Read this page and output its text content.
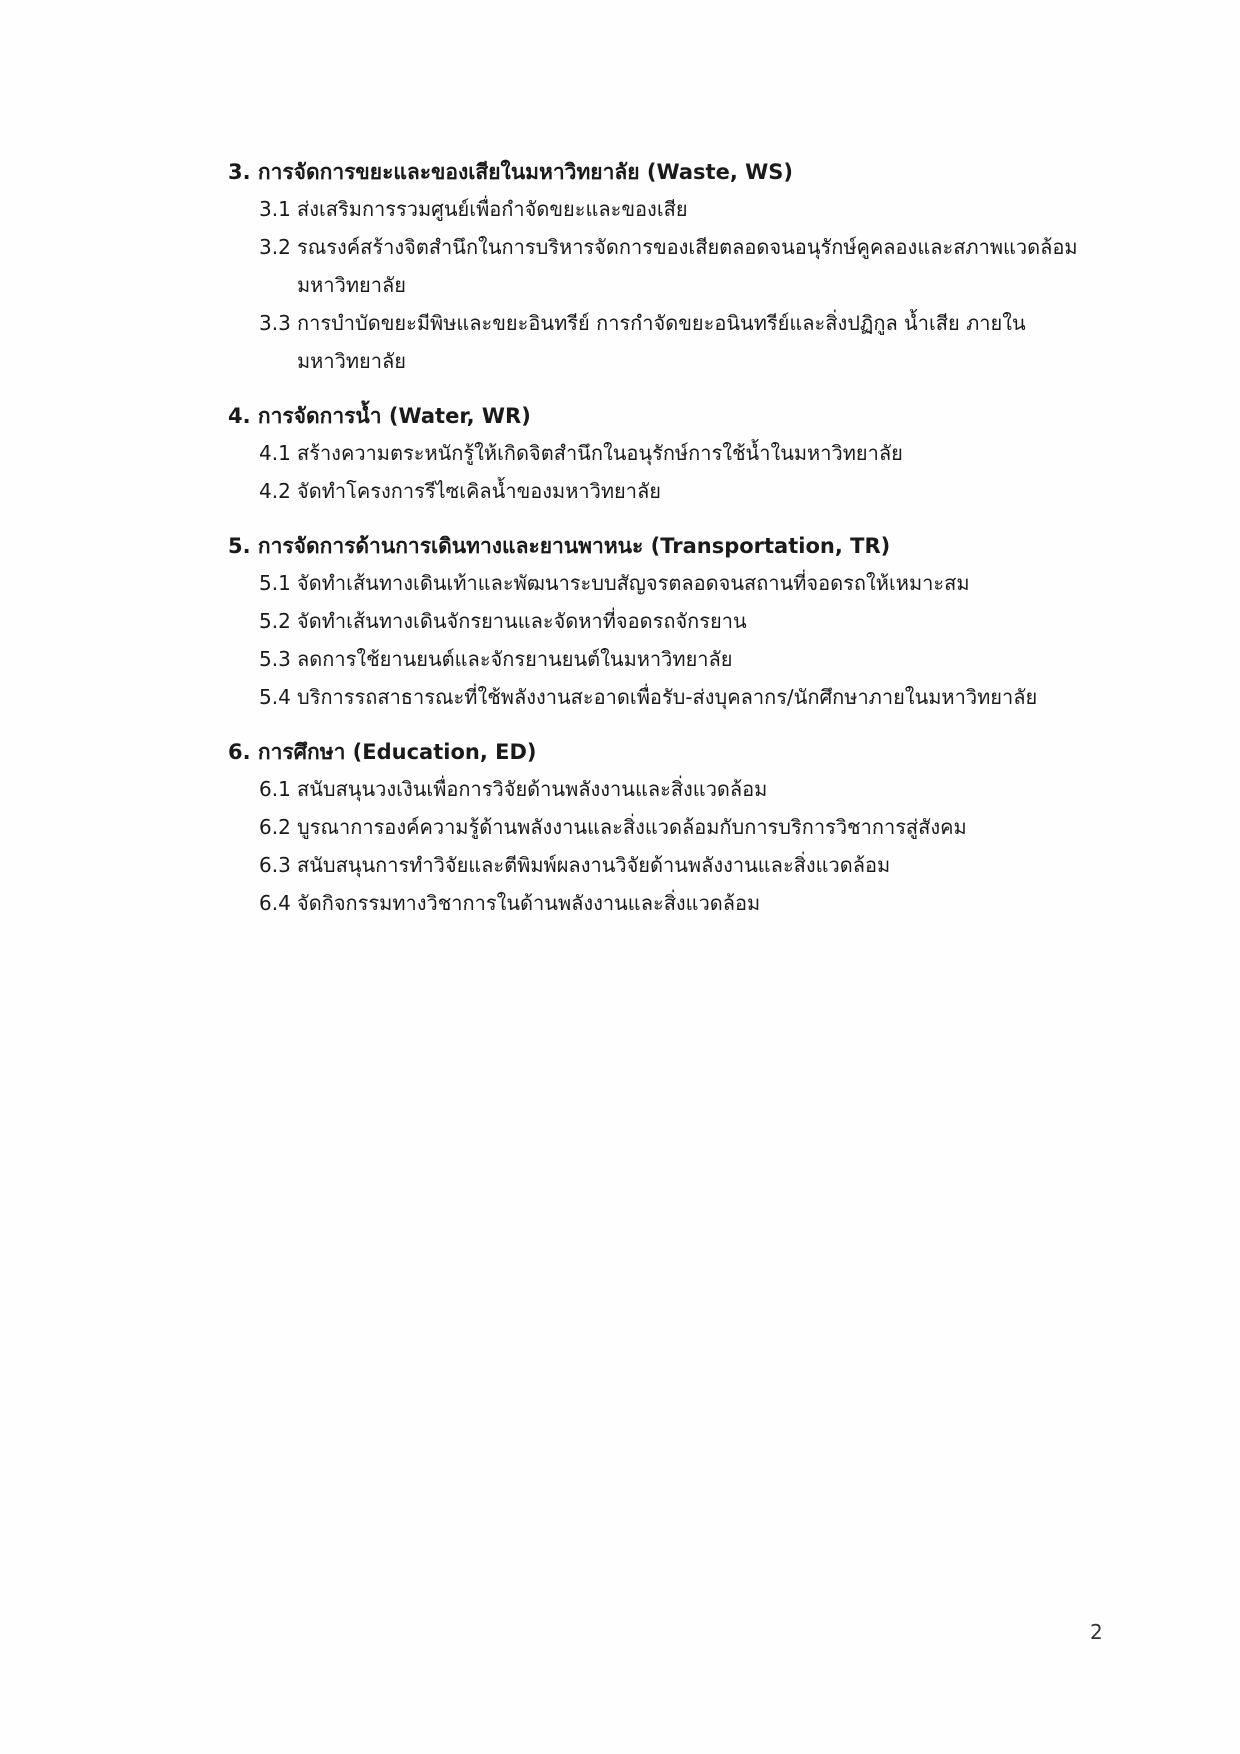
3. การจัดการขยะและของเสียในมหาวิทยาลัย (Waste, WS)

3.1 ส่งเสริมการรวมศูนย์เพื่อกำจัดขยะและของเสีย
3.2 รณรงค์สร้างจิตสำนึกในการบริหารจัดการของเสียตลอดจนอนุรักษ์คูคลองและสภาพแวดล้อม มหาวิทยาลัย
3.3 การบำบัดขยะมีพิษและขยะอินทรีย์ การกำจัดขยะอนินทรีย์และสิ่งปฏิกูล น้ำเสีย ภายใน มหาวิทยาลัย

4. การจัดการน้ำ (Water, WR)

4.1 สร้างความตระหนักรู้ให้เกิดจิตสำนึกในอนุรักษ์การใช้น้ำในมหาวิทยาลัย
4.2 จัดทำโครงการรีไซเคิลน้ำของมหาวิทยาลัย

5. การจัดการด้านการเดินทางและยานพาหนะ (Transportation, TR)

5.1 จัดทำเส้นทางเดินเท้าและพัฒนาระบบสัญจรตลอดจนสถานที่จอดรถให้เหมาะสม
5.2 จัดทำเส้นทางเดินจักรยานและจัดหาที่จอดรถจักรยาน
5.3 ลดการใช้ยานยนต์และจักรยานยนต์ในมหาวิทยาลัย
5.4 บริการรถสาธารณะที่ใช้พลังงานสะอาดเพื่อรับ-ส่งบุคลากร/นักศึกษาภายในมหาวิทยาลัย

6. การศึกษา (Education, ED)

6.1 สนับสนุนวงเงินเพื่อการวิจัยด้านพลังงานและสิ่งแวดล้อม
6.2 บูรณาการองค์ความรู้ด้านพลังงานและสิ่งแวดล้อมกับการบริการวิชาการสู่สังคม
6.3 สนับสนุนการทำวิจัยและตีพิมพ์ผลงานวิจัยด้านพลังงานและสิ่งแวดล้อม
6.4 จัดกิจกรรมทางวิชาการในด้านพลังงานและสิ่งแวดล้อม
2
